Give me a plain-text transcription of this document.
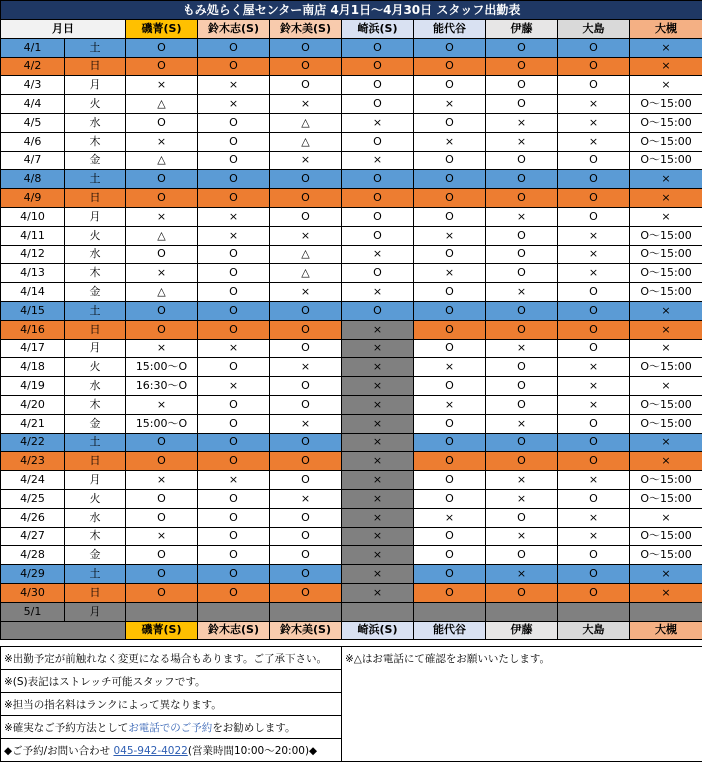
もみ処らく屋センター南店 4月1日～4月30日 スタッフ出勤表									
月日		磯菁(S)	鈴木志(S)	鈴木美(S)	崎浜(S)	能代谷	伊藤	大島	大槻
4/1	土	O	O	O	O	O	O	O	×
4/2	日	O	O	O	O	O	O	O	×
4/3	月	×	×	O	O	O	O	O	×
4/4	火	△	×	×	O	×	O	×	O～15:00
4/5	水	O	O	△	×	O	×	×	O～15:00
4/6	木	×	O	△	O	×	×	×	O～15:00
4/7	金	△	O	×	×	O	O	O	O～15:00
4/8	土	O	O	O	O	O	O	O	×
4/9	日	O	O	O	O	O	O	O	×
4/10	月	×	×	O	O	O	×	O	×
4/11	火	△	×	×	O	×	O	×	O～15:00
4/12	水	O	O	△	×	O	O	×	O～15:00
4/13	木	×	O	△	O	×	O	×	O～15:00
4/14	金	△	O	×	×	O	×	O	O～15:00
4/15	土	O	O	O	O	O	O	O	×
4/16	日	O	O	O	×	O	O	O	×
4/17	月	×	×	O	×	O	×	O	×
4/18	火	15:00～O	O	×	×	×	O	×	O～15:00
4/19	水	16:30～O	×	O	×	O	O	×	×
4/20	木	×	O	O	×	×	O	×	O～15:00
4/21	金	15:00～O	O	×	×	O	×	O	O～15:00
4/22	土	O	O	O	×	O	O	O	×
4/23	日	O	O	O	×	O	O	O	×
4/24	月	×	×	O	×	O	×	×	O～15:00
4/25	火	O	O	×	×	O	×	O	O～15:00
4/26	水	O	O	O	×	×	O	×	×
4/27	木	×	O	O	×	O	×	×	O～15:00
4/28	金	O	O	O	×	O	O	O	O～15:00
4/29	土	O	O	O	×	O	×	O	×
4/30	日	O	O	O	×	O	O	O	×
5/1	月								
		磯菁(S)	鈴木志(S)	鈴木美(S)	崎浜(S)	能代谷	伊藤	大島	大槻
※出勤予定が前触れなく変更になる場合もあります。ご了承下さい。	※△はお電話にて確認をお願いいたします。
※(S)表記はストレッチ可能スタッフです。
※担当の指名料はランクによって異なります。
※確実なご予約方法としてお電話でのご予約をお勧めします。
◆ご予約/お問い合わせ 045-942-4022(営業時間10:00～20:00)◆
